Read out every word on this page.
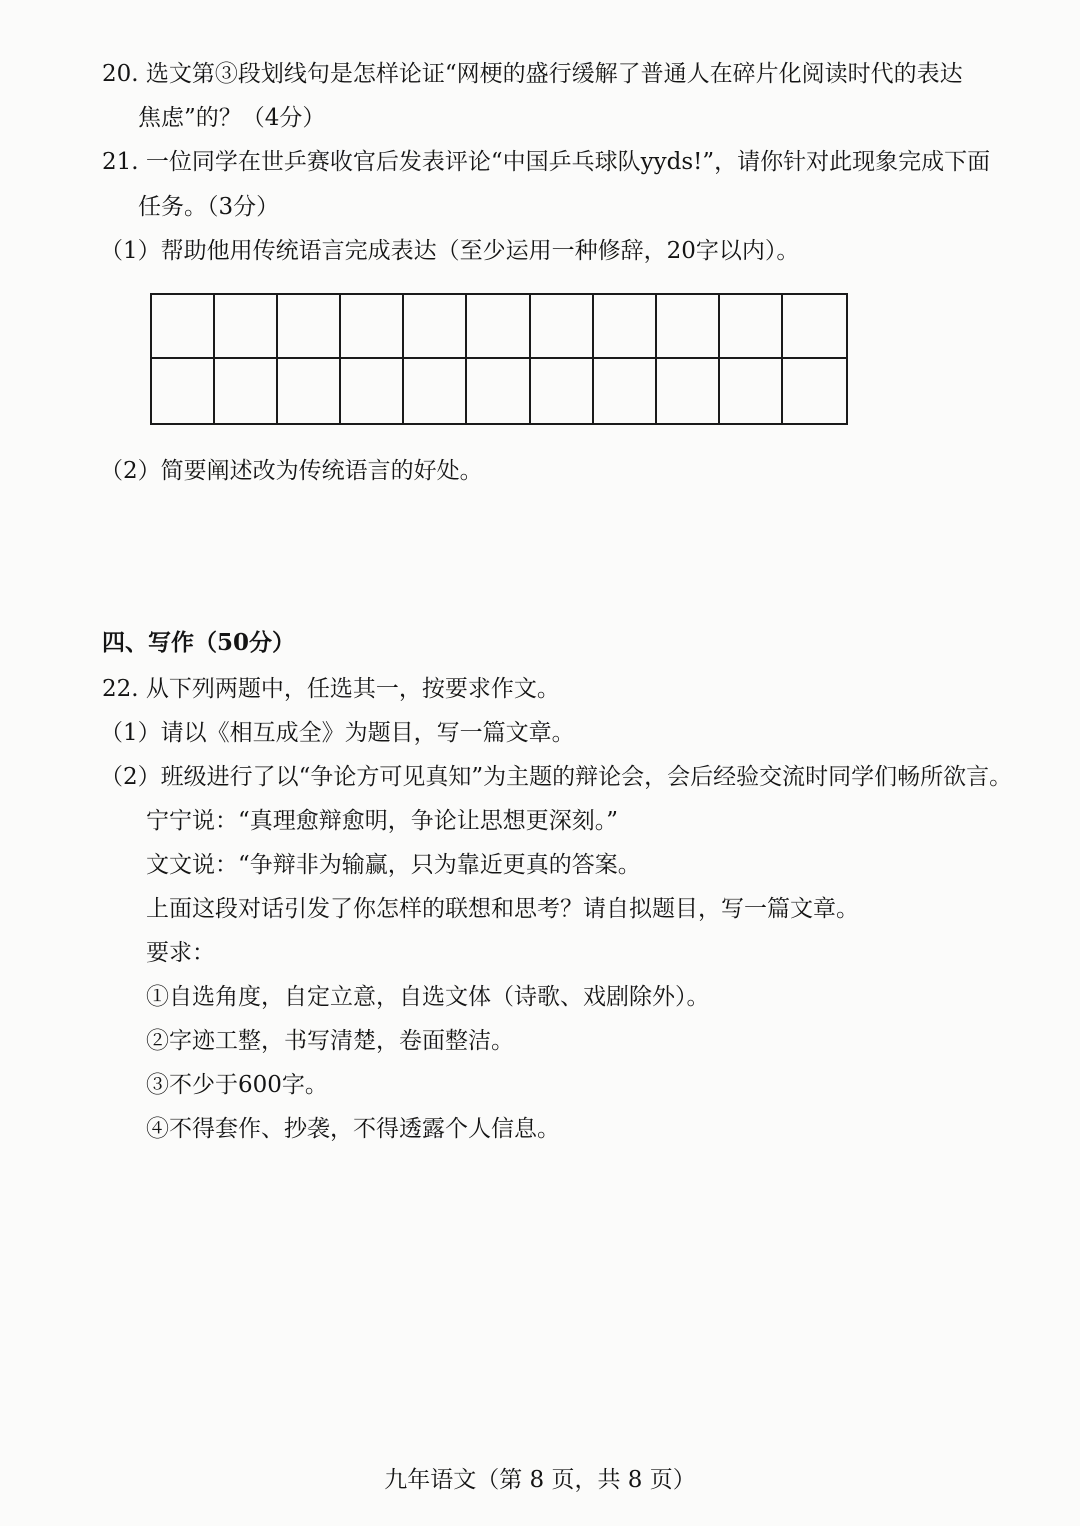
20. 选文第③段划线句是怎样论证“网梗的盛行缓解了普通人在碎片化阅读时代的表达
焦虑”的？（4分）
21. 一位同学在世乒赛收官后发表评论“中国乒乓球队yyds!”，请你针对此现象完成下面
任务。（3分）
（1）帮助他用传统语言完成表达（至少运用一种修辞，20字以内）。
（2）简要阐述改为传统语言的好处。
四、写作（50分）
22. 从下列两题中，任选其一，按要求作文。
（1）请以《相互成全》为题目，写一篇文章。
（2）班级进行了以“争论方可见真知”为主题的辩论会，会后经验交流时同学们畅所欲言。
宁宁说：“真理愈辩愈明，争论让思想更深刻。”
文文说：“争辩非为输赢，只为靠近更真的答案。
上面这段对话引发了你怎样的联想和思考？请自拟题目，写一篇文章。
要求：
①自选角度，自定立意，自选文体（诗歌、戏剧除外）。
②字迹工整，书写清楚，卷面整洁。
③不少于600字。
④不得套作、抄袭，不得透露个人信息。
九年语文（第 8 页，共 8 页）
